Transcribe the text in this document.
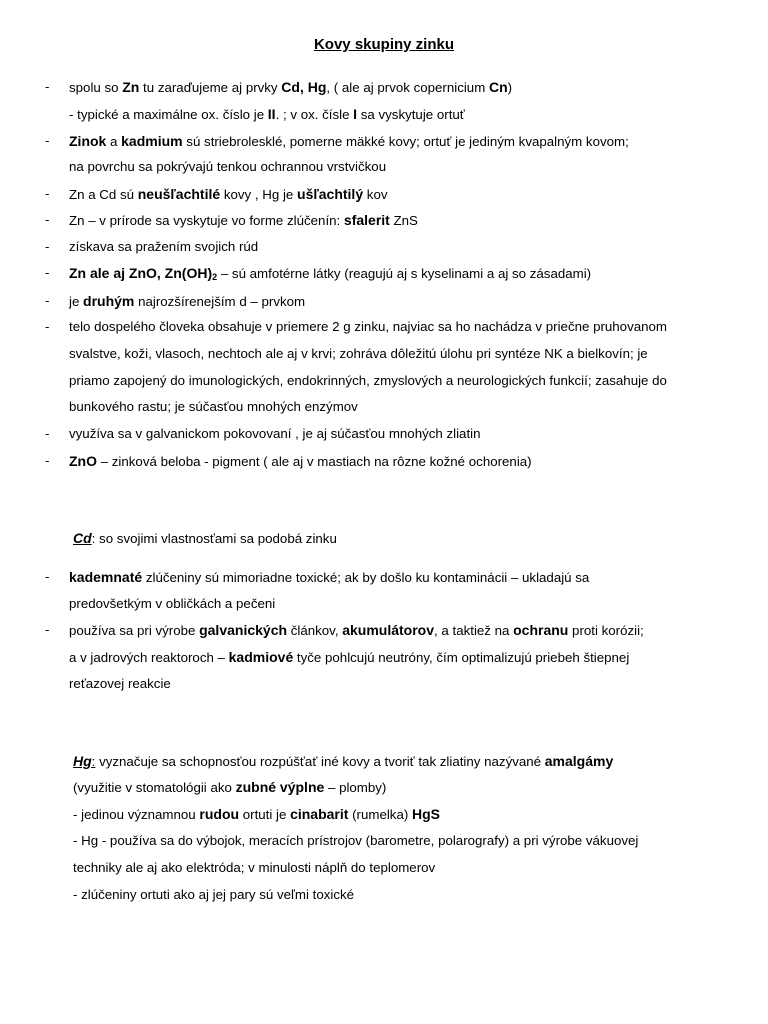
Kovy skupiny zinku
- spolu so Zn tu zaraďujeme aj prvky Cd, Hg, ( ale aj prvok copernicium Cn)
- typické a maximálne ox. číslo je II. ; v ox. čísle I sa vyskytuje ortuť
- Zinok a kadmium sú striebrolesklé, pomerne mäkké kovy; ortuť je jediným kvapalným kovom;
na povrchu sa pokrývajú tenkou ochrannou vrstvičkou
- Zn a Cd sú neušľachtilé kovy , Hg je ušľachtilý kov
- Zn – v prírode sa vyskytuje vo forme zlúčenín: sfalerit ZnS
- získava sa pražením svojich rúd
- Zn ale aj ZnO, $Zn(OH)_2$ – sú amfotérne látky (reagujú aj s kyselinami a aj so zásadami)
- je druhým najrozšírenejším d – prvkom
- telo dospelého človeka obsahuje v priemere 2 g zinku, najviac sa ho nachádza v priečne pruhovanom
svalstve, koži, vlasoch, nechtoch ale aj v krvi; zohráva dôležitú úlohu pri syntéze NK a bielkovín; je
priamo zapojený do imunologických, endokrinných, zmyslových a neurologických funkcií; zasahuje do
bunkového rastu; je súčasťou mnohých enzýmov
- využíva sa v galvanickom pokovovaní , je aj súčasťou mnohých zliatin
- ZnO – zinková beloba - pigment ( ale aj v mastiach na rôzne kožné ochorenia)
Cd: so svojimi vlastnosťami sa podobá zinku
- kademnaté zlúčeniny sú mimoriadne toxické; ak by došlo ku kontaminácii – ukladajú sa
predovšetkým v obličkách a pečeni
- používa sa pri výrobe galvanických článkov, akumulátorov, a taktiež na ochranu proti korózii;
a v jadrových reaktoroch – kadmiové tyče pohlcujú neutróny, čím optimalizujú priebeh štiepnej
reťazovej reakcie
Hg: vyznačuje sa schopnosťou rozpúšťať iné kovy a tvoriť tak zliatiny nazývané amalgámy
(využitie v stomatológii ako zubné výplne – plomby)
- jedinou významnou rudou ortuti je cinabarit (rumelka) HgS
- Hg - používa sa do výbojok, meracích prístrojov (barometre, polarografy) a pri výrobe vákuovej
techniky ale aj ako elektróda; v minulosti náplň do teplomerov
- zlúčeniny ortuti ako aj jej pary sú veľmi toxické
